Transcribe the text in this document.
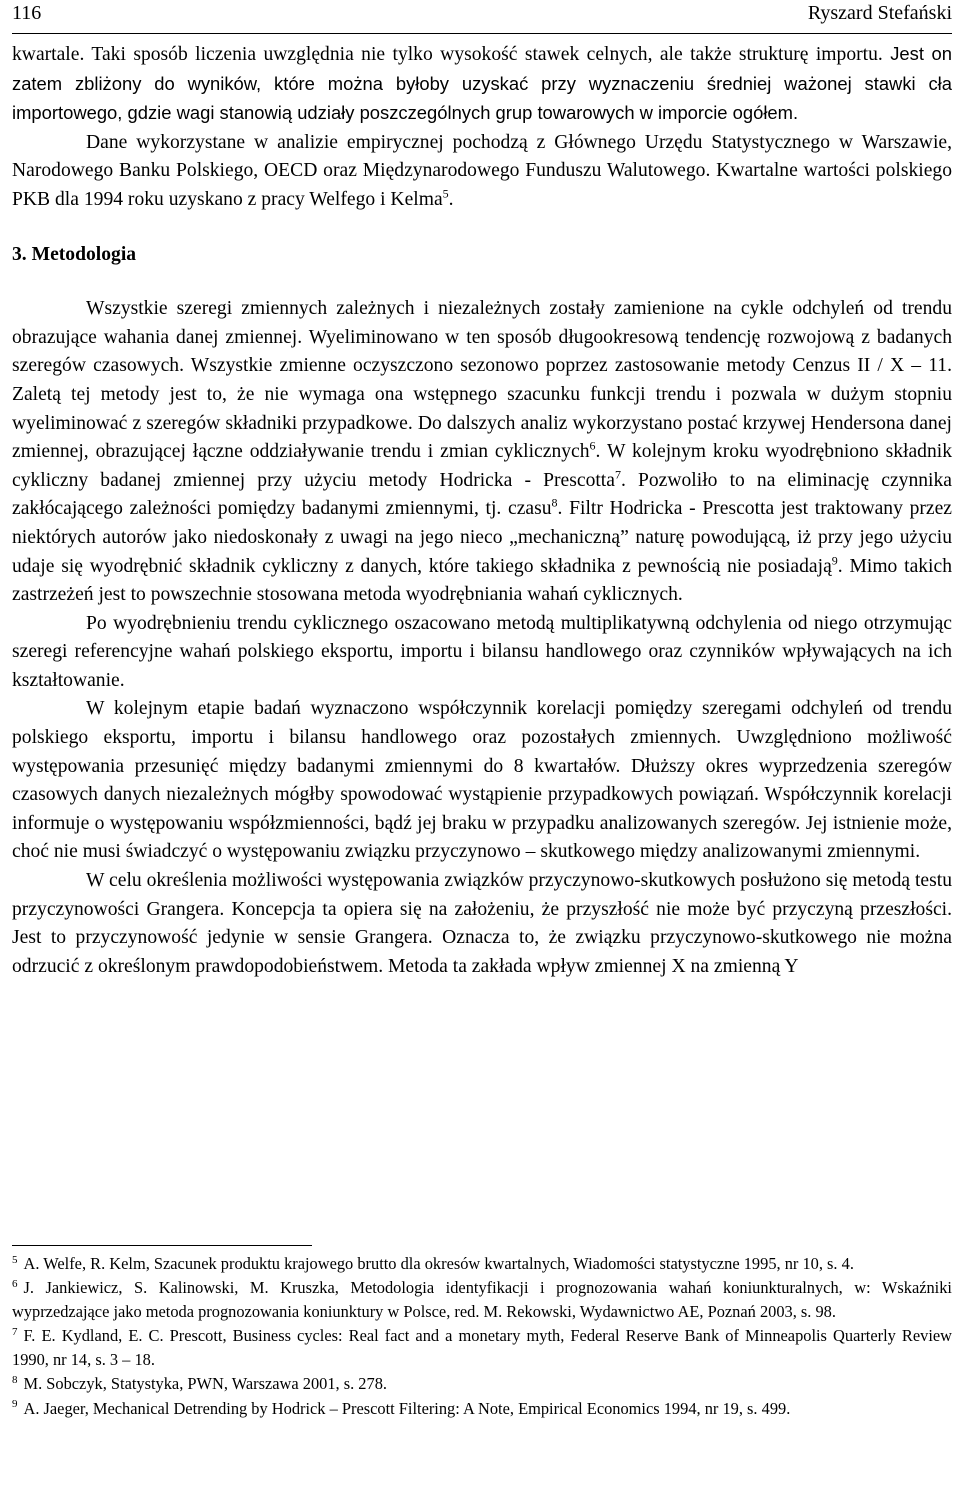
116	Ryszard Stefański

kwartale. Taki sposób liczenia uwzględnia nie tylko wysokość stawek celnych, ale także strukturę importu. Jest on zatem zbliżony do wyników, które można byłoby uzyskać przy wyznaczeniu średniej ważonej stawki cła importowego, gdzie wagi stanowią udziały poszczególnych grup towarowych w imporcie ogółem.

Dane wykorzystane w analizie empirycznej pochodzą z Głównego Urzędu Statystycznego w Warszawie, Narodowego Banku Polskiego, OECD oraz Międzynarodowego Funduszu Walutowego. Kwartalne wartości polskiego PKB dla 1994 roku uzyskano z pracy Welfego i Kelma$^5$.

3. Metodologia

Wszystkie szeregi zmiennych zależnych i niezależnych zostały zamienione na cykle odchyleń od trendu obrazujące wahania danej zmiennej. Wyeliminowano w ten sposób długookresową tendencję rozwojową z badanych szeregów czasowych. Wszystkie zmienne oczyszczono sezonowo poprzez zastosowanie metody Cenzus II / X – 11. Zaletą tej metody jest to, że nie wymaga ona wstępnego szacunku funkcji trendu i pozwala w dużym stopniu wyeliminować z szeregów składniki przypadkowe. Do dalszych analiz wykorzystano postać krzywej Hendersona danej zmiennej, obrazującej łączne oddziaływanie trendu i zmian cyklicznych$^6$. W kolejnym kroku wyodrębniono składnik cykliczny badanej zmiennej przy użyciu metody Hodricka - Prescotta$^7$. Pozwoliło to na eliminację czynnika zakłócającego zależności pomiędzy badanymi zmiennymi, tj. czasu$^8$. Filtr Hodricka - Prescotta jest traktowany przez niektórych autorów jako niedoskonały z uwagi na jego nieco „mechaniczną” naturę powodującą, iż przy jego użyciu udaje się wyodrębnić składnik cykliczny z danych, które takiego składnika z pewnością nie posiadają$^9$. Mimo takich zastrzeżeń jest to powszechnie stosowana metoda wyodrębniania wahań cyklicznych.

Po wyodrębnieniu trendu cyklicznego oszacowano metodą multiplikatywną odchylenia od niego otrzymując szeregi referencyjne wahań polskiego eksportu, importu i bilansu handlowego oraz czynników wpływających na ich kształtowanie.

W kolejnym etapie badań wyznaczono współczynnik korelacji pomiędzy szeregami odchyleń od trendu polskiego eksportu, importu i bilansu handlowego oraz pozostałych zmiennych. Uwzględniono możliwość występowania przesunięć między badanymi zmiennymi do 8 kwartałów. Dłuższy okres wyprzedzenia szeregów czasowych danych niezależnych mógłby spowodować wystąpienie przypadkowych powiązań. Współczynnik korelacji informuje o występowaniu współzmienności, bądź jej braku w przypadku analizowanych szeregów. Jej istnienie może, choć nie musi świadczyć o występowaniu związku przyczynowo – skutkowego między analizowanymi zmiennymi.

W celu określenia możliwości występowania związków przyczynowo-skutkowych posłużono się metodą testu przyczynowości Grangera. Koncepcja ta opiera się na założeniu, że przyszłość nie może być przyczyną przeszłości. Jest to przyczynowość jedynie w sensie Grangera. Oznacza to, że związku przyczynowo-skutkowego nie można odrzucić z określonym prawdopodobieństwem. Metoda ta zakłada wpływ zmiennej X na zmienną Y

$^5$ A. Welfe, R. Kelm, Szacunek produktu krajowego brutto dla okresów kwartalnych, Wiadomości statystyczne 1995, nr 10, s. 4.

$^6$ J. Jankiewicz, S. Kalinowski, M. Kruszka, Metodologia identyfikacji i prognozowania wahań koniunkturalnych, w: Wskaźniki wyprzedzające jako metoda prognozowania koniunktury w Polsce, red. M. Rekowski, Wydawnictwo AE, Poznań 2003, s. 98.

$^7$ F. E. Kydland, E. C. Prescott, Business cycles: Real fact and a monetary myth, Federal Reserve Bank of Minneapolis Quarterly Review 1990, nr 14, s. 3 – 18.

$^8$ M. Sobczyk, Statystyka, PWN, Warszawa 2001, s. 278.

$^9$ A. Jaeger, Mechanical Detrending by Hodrick – Prescott Filtering: A Note, Empirical Economics 1994, nr 19, s. 499.
